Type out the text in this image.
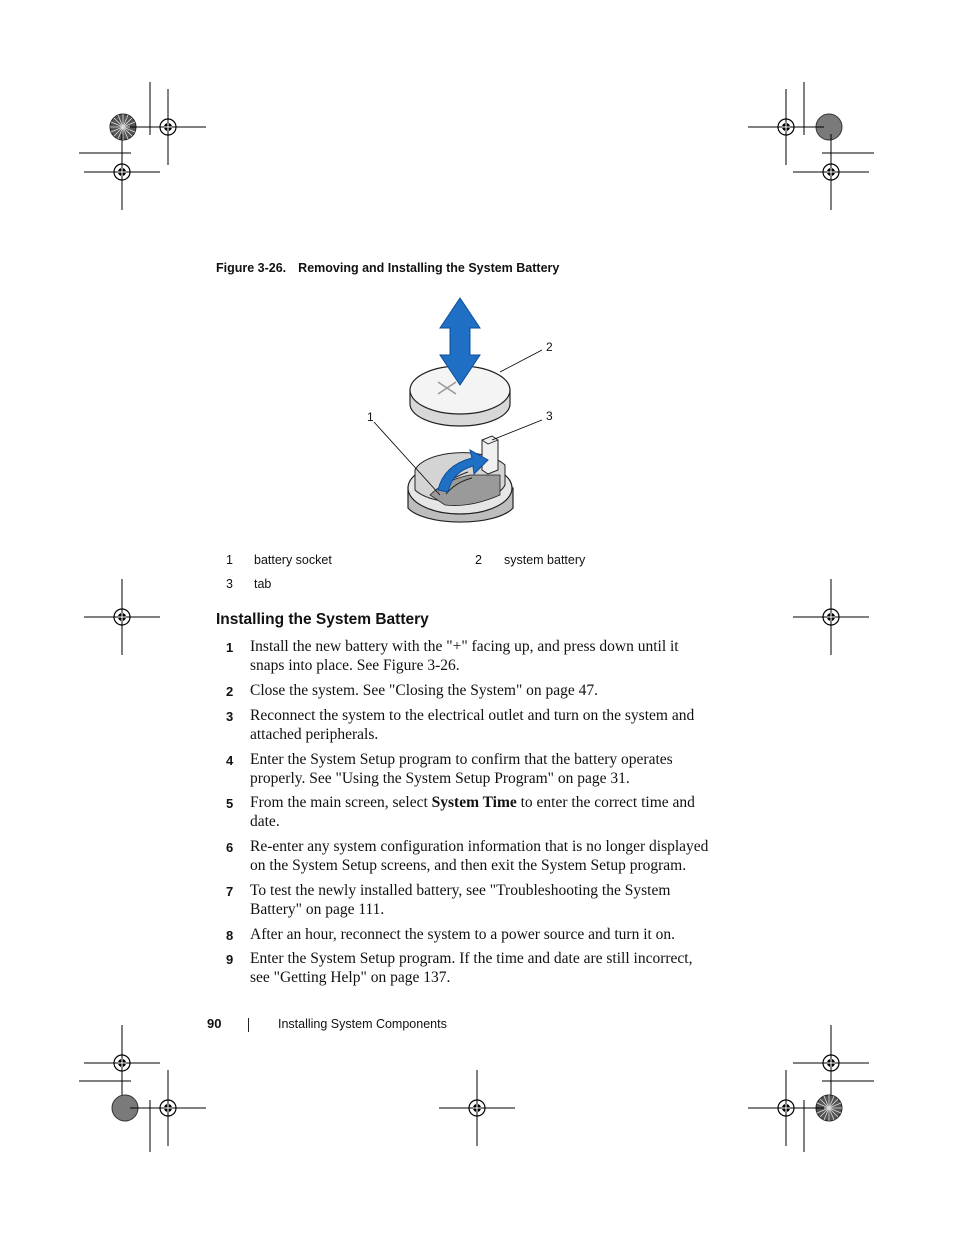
Figure 3-26. Removing and Installing the System Battery
1
2
3
1 battery socket	2 system battery
3 tab
Installing the System Battery
1 Install the new battery with the "+" facing up, and press down until it snaps into place. See Figure 3-26.
2 Close the system. See "Closing the System" on page 47.
3 Reconnect the system to the electrical outlet and turn on the system and attached peripherals.
4 Enter the System Setup program to confirm that the battery operates properly. See "Using the System Setup Program" on page 31.
5 From the main screen, select System Time to enter the correct time and date.
6 Re-enter any system configuration information that is no longer displayed on the System Setup screens, and then exit the System Setup program.
7 To test the newly installed battery, see "Troubleshooting the System Battery" on page 111.
8 After an hour, reconnect the system to a power source and turn it on.
9 Enter the System Setup program. If the time and date are still incorrect, see "Getting Help" on page 137.
90	Installing System Components
